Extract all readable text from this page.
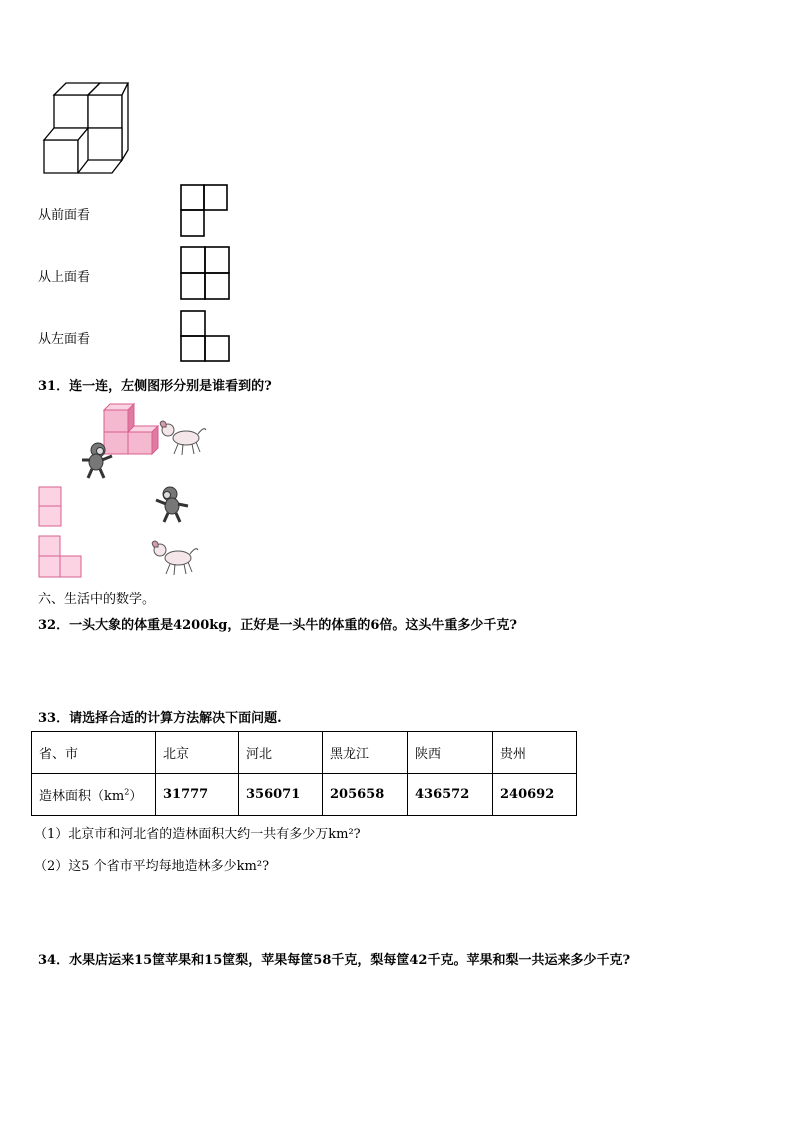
从前面看
从上面看
从左面看
31．连一连，左侧图形分别是谁看到的?
六、生活中的数学。
32．一头大象的体重是4200kg，正好是一头牛的体重的6倍。这头牛重多少千克?
33．请选择合适的计算方法解决下面问题.
省、市	北京	河北	黑龙江	陕西	贵州
造林面积$(km^2)$	31777	356071	205658	436572	240692
（1）北京市和河北省的造林面积大约一共有多少万km²?
（2）这5 个省市平均每地造林多少km²?
34．水果店运来15筐苹果和15筐梨，苹果每筐58千克，梨每筐42千克。苹果和梨一共运来多少千克?
